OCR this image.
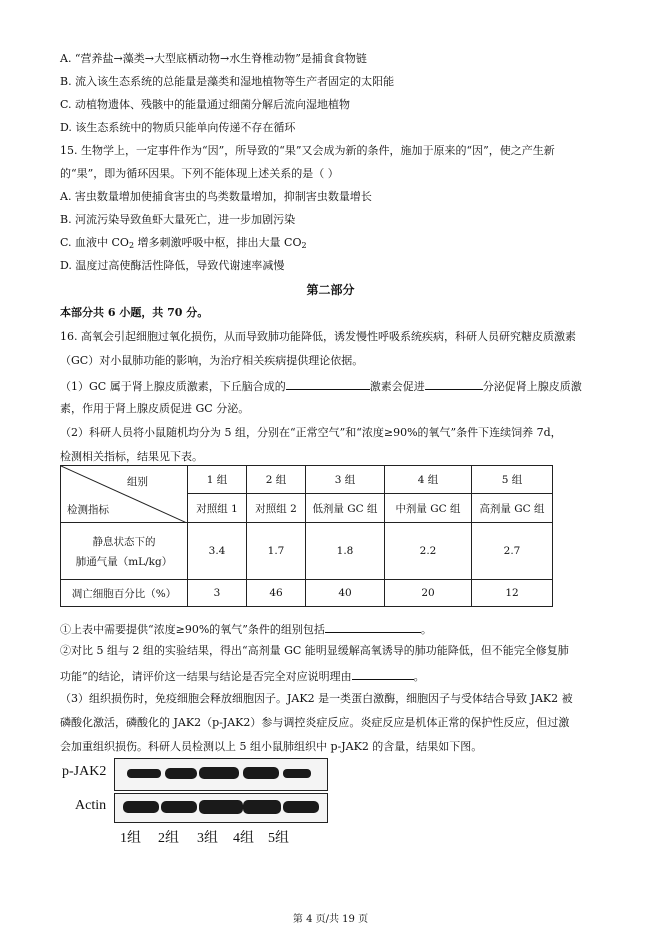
A. “营养盐→藻类→大型底栖动物→水生脊椎动物”是捕食食物链
B. 流入该生态系统的总能量是藻类和湿地植物等生产者固定的太阳能
C. 动植物遗体、残骸中的能量通过细菌分解后流向湿地植物
D. 该生态系统中的物质只能单向传递不存在循环
15. 生物学上，一定事件作为“因”，所导致的“果”又会成为新的条件，施加于原来的“因”，使之产生新
的“果”，即为循环因果。下列不能体现上述关系的是（ ）
A. 害虫数量增加使捕食害虫的鸟类数量增加，抑制害虫数量增长
B. 河流污染导致鱼虾大量死亡，进一步加剧污染
C. 血液中 $CO_2$ 增多刺激呼吸中枢，排出大量 $CO_2$
D. 温度过高使酶活性降低，导致代谢速率减慢
第二部分
本部分共 6 小题，共 70 分。
16. 高氧会引起细胞过氧化损伤，从而导致肺功能降低，诱发慢性呼吸系统疾病，科研人员研究糖皮质激素
（GC）对小鼠肺功能的影响，为治疗相关疾病提供理论依据。
（1）GC 属于肾上腺皮质激素，下丘脑合成的	激素会促进	分泌促肾上腺皮质激
素，作用于肾上腺皮质促进 GC 分泌。
（2）科研人员将小鼠随机均分为 5 组，分别在“正常空气”和“浓度≥90%的氧气”条件下连续饲养 7d，
检测相关指标，结果见下表。
组别
检测指标	1 组	2 组	3 组	4 组	5 组
	对照组 1	对照组 2	低剂量 GC 组	中剂量 GC 组	高剂量 GC 组

静息状态下的
肺通气量（mL/kg）	3.4	1.7	1.8	2.2	2.7
凋亡细胞百分比（%）	3	46	40	20	12
①上表中需要提供“浓度≥90%的氧气”条件的组别包括	。
②对比 5 组与 2 组的实验结果，得出“高剂量 GC 能明显缓解高氧诱导的肺功能降低，但不能完全修复肺
功能”的结论，请评价这一结果与结论是否完全对应说明理由	。
（3）组织损伤时，免疫细胞会释放细胞因子。JAK2 是一类蛋白激酶，细胞因子与受体结合导致 JAK2 被
磷酸化激活，磷酸化的 JAK2（p-JAK2）参与调控炎症反应。炎症反应是机体正常的保护性反应，但过激
会加重组织损伤。科研人员检测以上 5 组小鼠肺组织中 p-JAK2 的含量，结果如下图。
p-JAK2
Actin
1组 2组 3组 4组 5组
第 4 页/共 19 页
